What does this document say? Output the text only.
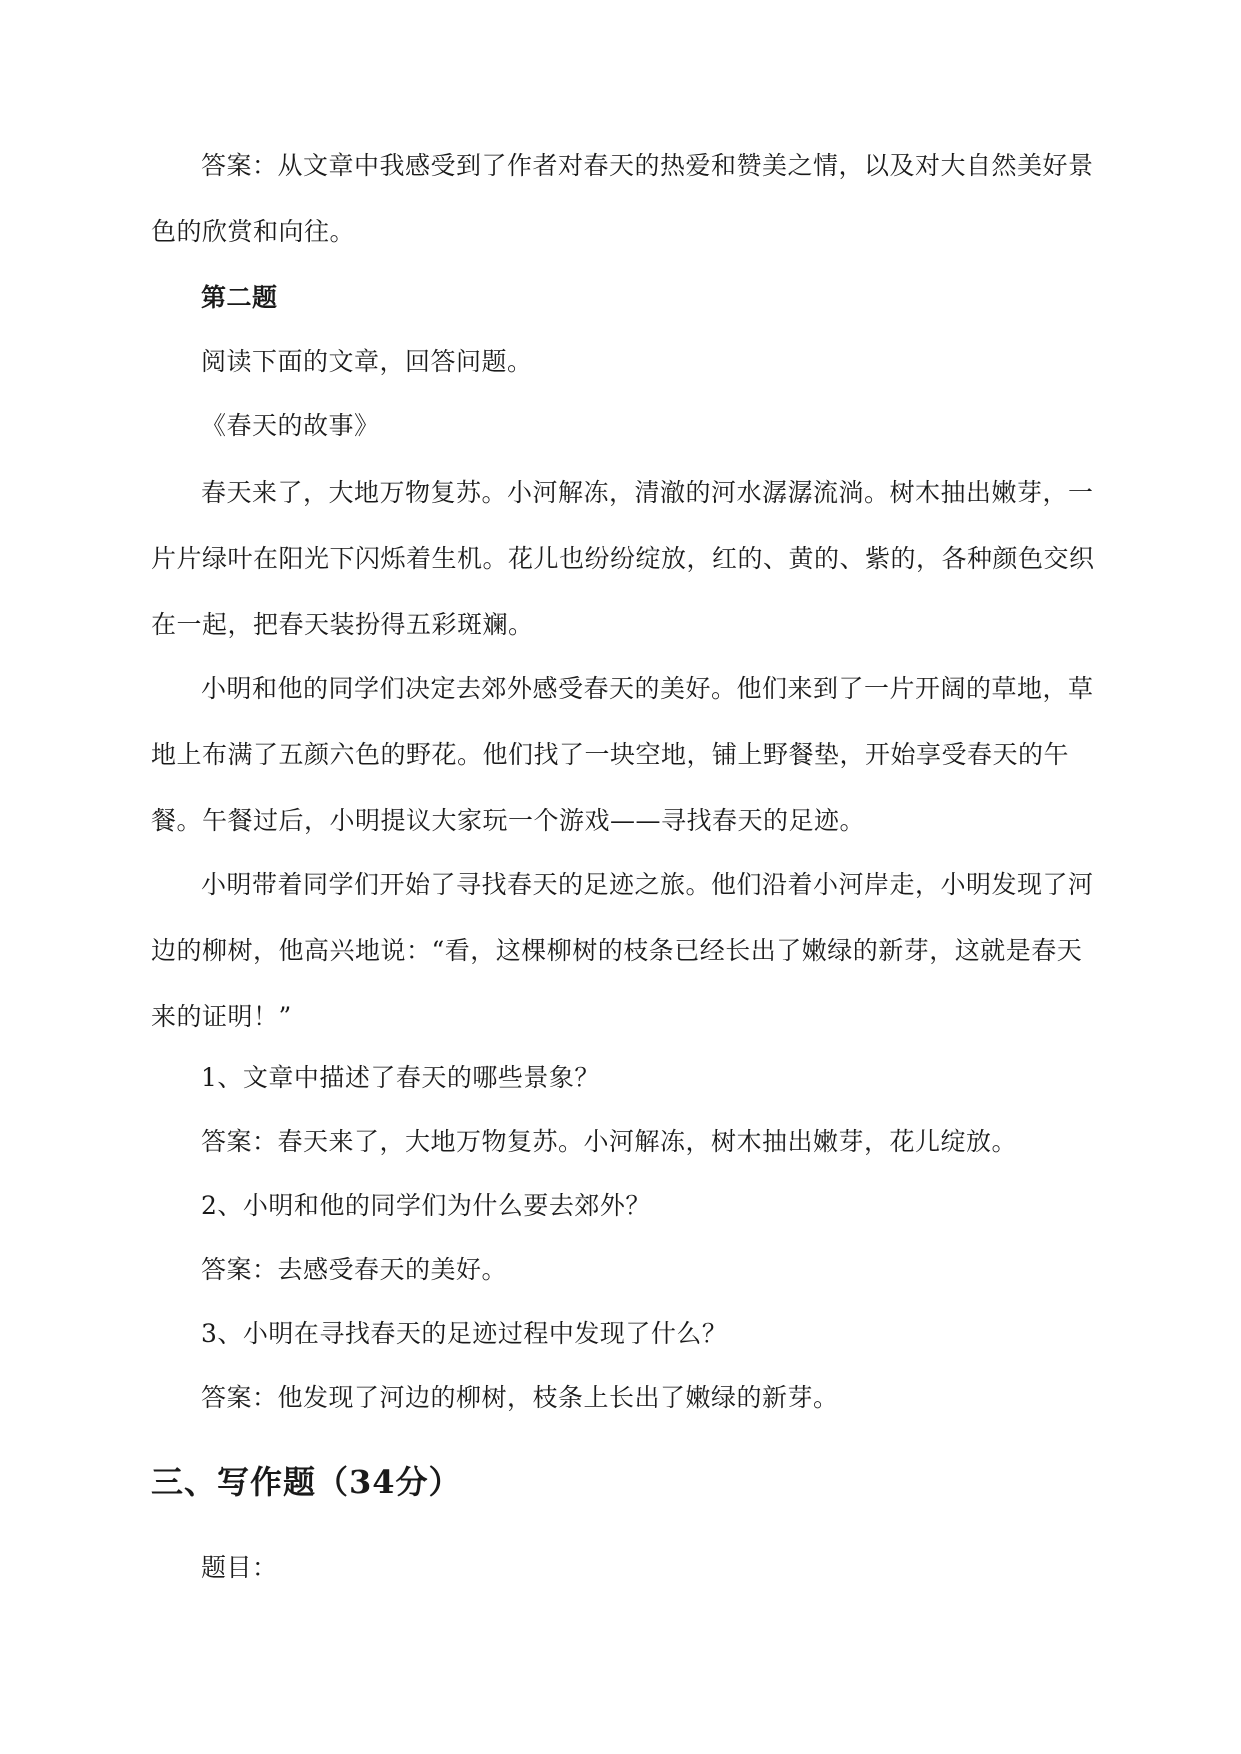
答案：从文章中我感受到了作者对春天的热爱和赞美之情，以及对大自然美好景色的欣赏和向往。

第二题

阅读下面的文章，回答问题。

《春天的故事》

春天来了，大地万物复苏。小河解冻，清澈的河水潺潺流淌。树木抽出嫩芽，一片片绿叶在阳光下闪烁着生机。花儿也纷纷绽放，红的、黄的、紫的，各种颜色交织在一起，把春天装扮得五彩斑斓。

小明和他的同学们决定去郊外感受春天的美好。他们来到了一片开阔的草地，草地上布满了五颜六色的野花。他们找了一块空地，铺上野餐垫，开始享受春天的午餐。午餐过后，小明提议大家玩一个游戏——寻找春天的足迹。

小明带着同学们开始了寻找春天的足迹之旅。他们沿着小河岸走，小明发现了河边的柳树，他高兴地说：“看，这棵柳树的枝条已经长出了嫩绿的新芽，这就是春天来的证明！”

1、文章中描述了春天的哪些景象？

答案：春天来了，大地万物复苏。小河解冻，树木抽出嫩芽，花儿绽放。

2、小明和他的同学们为什么要去郊外？

答案：去感受春天的美好。

3、小明在寻找春天的足迹过程中发现了什么？

答案：他发现了河边的柳树，枝条上长出了嫩绿的新芽。

三、写作题（34分）

题目：
